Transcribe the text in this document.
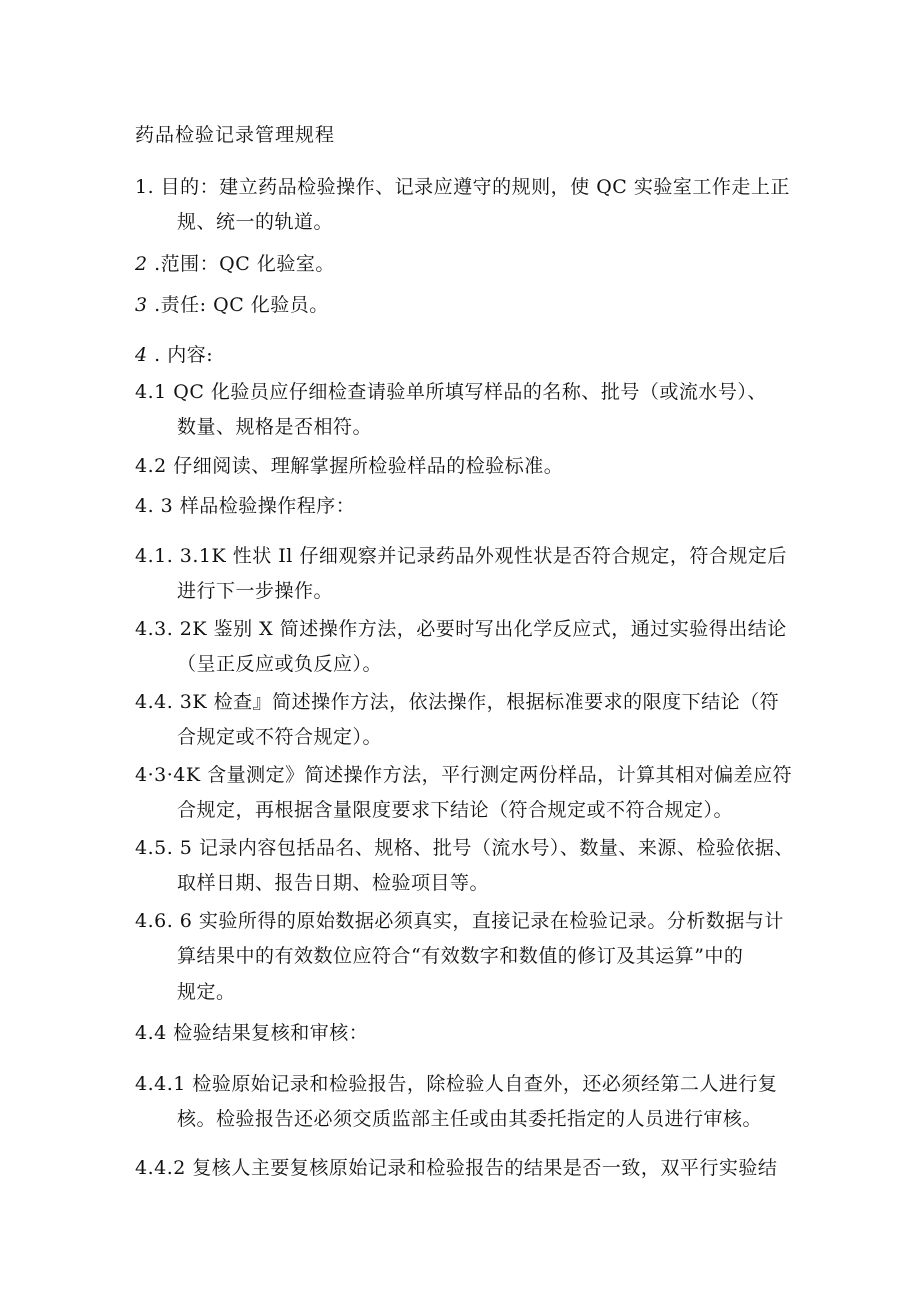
药品检验记录管理规程
1. 目的：建立药品检验操作、记录应遵守的规则，使 QC 实验室工作走上正
规、统一的轨道。
2 .范围：QC 化验室。
3 .责任: QC 化验员。
4 . 内容:
4.1 QC 化验员应仔细检查请验单所填写样品的名称、批号（或流水号）、
数量、规格是否相符。
4.2 仔细阅读、理解掌握所检验样品的检验标准。
4. 3 样品检验操作程序：
4.1. 3.1K 性状 Il 仔细观察并记录药品外观性状是否符合规定，符合规定后
进行下一步操作。
4.3. 2K 鉴别 X 简述操作方法，必要时写出化学反应式，通过实验得出结论
（呈正反应或负反应）。
4.4. 3K 检查』简述操作方法，依法操作，根据标准要求的限度下结论（符
合规定或不符合规定）。
4·3·4K 含量测定》简述操作方法，平行测定两份样品，计算其相对偏差应符
合规定，再根据含量限度要求下结论（符合规定或不符合规定）。
4.5. 5 记录内容包括品名、规格、批号（流水号）、数量、来源、检验依据、
取样日期、报告日期、检验项目等。
4.6. 6 实验所得的原始数据必须真实，直接记录在检验记录。分析数据与计
算结果中的有效数位应符合“有效数字和数值的修订及其运算”中的
规定。
4.4 检验结果复核和审核：
4.4.1 检验原始记录和检验报告，除检验人自查外，还必须经第二人进行复
核。检验报告还必须交质监部主任或由其委托指定的人员进行审核。
4.4.2 复核人主要复核原始记录和检验报告的结果是否一致，双平行实验结
